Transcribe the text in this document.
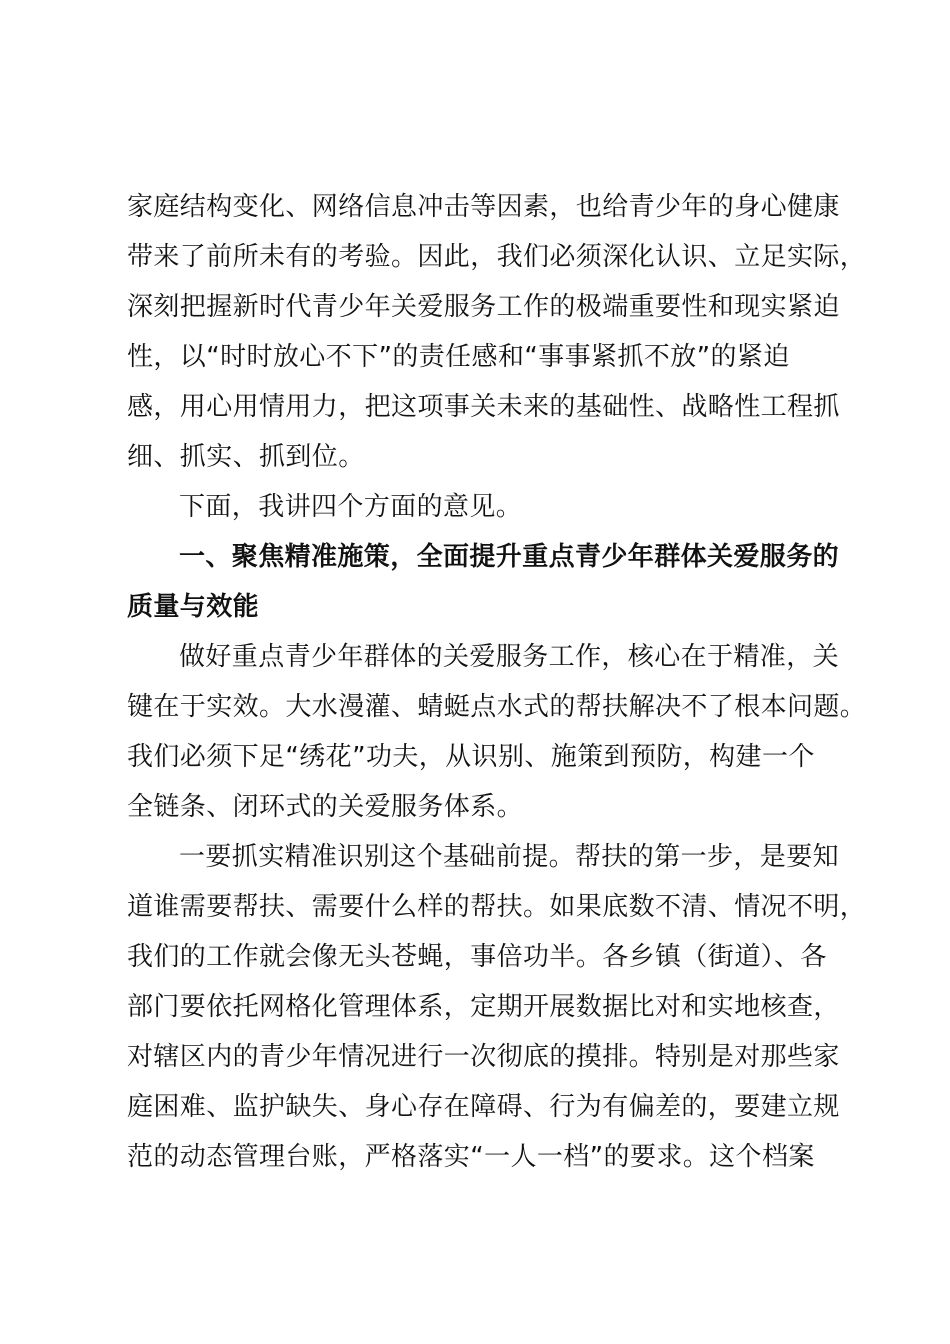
家庭结构变化、网络信息冲击等因素，也给青少年的身心健康
带来了前所未有的考验。因此，我们必须深化认识、立足实际，
深刻把握新时代青少年关爱服务工作的极端重要性和现实紧迫
性，以“时时放心不下”的责任感和“事事紧抓不放”的紧迫
感，用心用情用力，把这项事关未来的基础性、战略性工程抓
细、抓实、抓到位。
下面，我讲四个方面的意见。
一、聚焦精准施策，全面提升重点青少年群体关爱服务的
质量与效能
做好重点青少年群体的关爱服务工作，核心在于精准，关
键在于实效。大水漫灌、蜻蜓点水式的帮扶解决不了根本问题。
我们必须下足“绣花”功夫，从识别、施策到预防，构建一个
全链条、闭环式的关爱服务体系。
一要抓实精准识别这个基础前提。帮扶的第一步，是要知
道谁需要帮扶、需要什么样的帮扶。如果底数不清、情况不明，
我们的工作就会像无头苍蝇，事倍功半。各乡镇（街道）、各
部门要依托网格化管理体系，定期开展数据比对和实地核查，
对辖区内的青少年情况进行一次彻底的摸排。特别是对那些家
庭困难、监护缺失、身心存在障碍、行为有偏差的，要建立规
范的动态管理台账，严格落实“一人一档”的要求。这个档案
